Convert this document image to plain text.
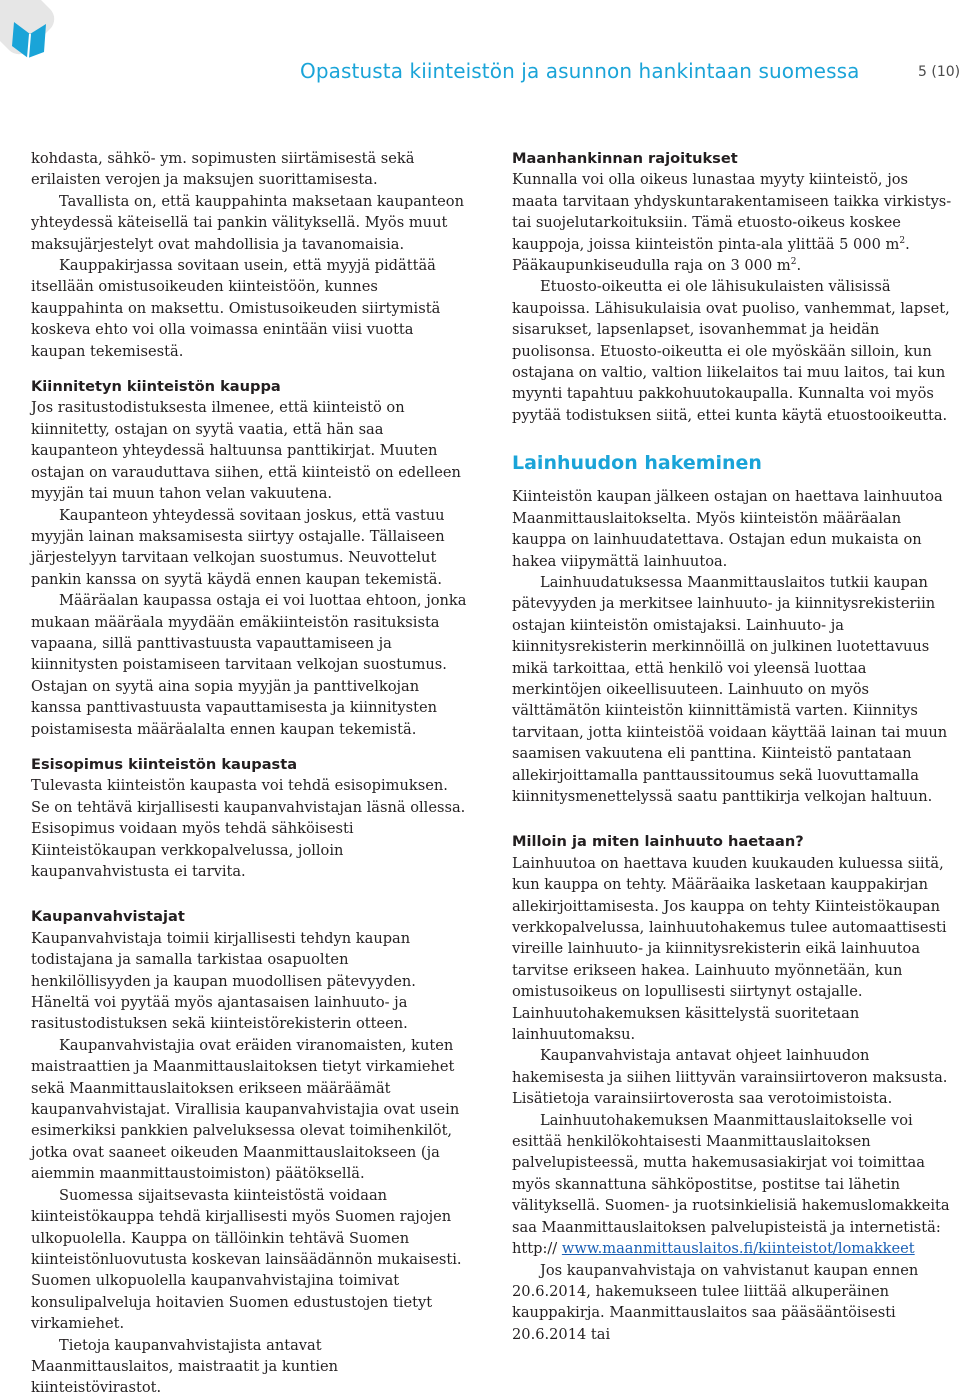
Opastusta kiinteistön ja asunnon hankintaan suomessa	5 (10)

kohdasta, sähkö- ym. sopimusten siirtämisestä sekä erilaisten verojen ja maksujen suorittamisesta.

Tavallista on, että kauppahinta maksetaan kaupanteon yhteydessä käteisellä tai pankin välityksellä. Myös muut maksujärjestelyt ovat mahdollisia ja tavanomaisia.

Kauppakirjassa sovitaan usein, että myyjä pidättää itsellään omistusoikeuden kiinteistöön, kunnes kauppahinta on maksettu. Omistusoikeuden siirtymistä koskeva ehto voi olla voimassa enintään viisi vuotta kaupan tekemisestä.

Kiinnitetyn kiinteistön kauppa

Jos rasitustodistuksesta ilmenee, että kiinteistö on kiinnitetty, ostajan on syytä vaatia, että hän saa kaupanteon yhteydessä haltuunsa panttikirjat. Muuten ostajan on varauduttava siihen, että kiinteistö on edelleen myyjän tai muun tahon velan vakuutena.

Kaupanteon yhteydessä sovitaan joskus, että vastuu myyjän lainan maksamisesta siirtyy ostajalle. Tällaiseen järjestelyyn tarvitaan velkojan suostumus. Neuvottelut pankin kanssa on syytä käydä ennen kaupan tekemistä.

Määräalan kaupassa ostaja ei voi luottaa ehtoon, jonka mukaan määräala myydään emäkiinteistön rasituksista vapaana, sillä panttivastuusta vapauttamiseen ja kiinnitysten poistamiseen tarvitaan velkojan suostumus. Ostajan on syytä aina sopia myyjän ja panttivelkojan kanssa panttivastuusta vapauttamisesta ja kiinnitysten poistamisesta määräalalta ennen kaupan tekemistä.

Esisopimus kiinteistön kaupasta

Tulevasta kiinteistön kaupasta voi tehdä esisopimuksen. Se on tehtävä kirjallisesti kaupanvahvistajan läsnä ollessa. Esisopimus voidaan myös tehdä sähköisesti Kiinteistökaupan verkkopalvelussa, jolloin kaupanvahvistusta ei tarvita.

Kaupanvahvistajat

Kaupanvahvistaja toimii kirjallisesti tehdyn kaupan todistajana ja samalla tarkistaa osapuolten henkilöllisyyden ja kaupan muodollisen pätevyyden. Häneltä voi pyytää myös ajantasaisen lainhuuto- ja rasitustodistuksen sekä kiinteistörekisterin otteen.

Kaupanvahvistajia ovat eräiden viranomaisten, kuten maistraattien ja Maanmittauslaitoksen tietyt virkamiehet sekä Maanmittauslaitoksen erikseen määräämät kaupanvahvistajat. Virallisia kaupanvahvistajia ovat usein esimerkiksi pankkien palveluksessa olevat toimihenkilöt, jotka ovat saaneet oikeuden Maanmittauslaitokseen (ja aiemmin maanmittaustoimiston) päätöksellä.

Suomessa sijaitsevasta kiinteistöstä voidaan kiinteistökauppa tehdä kirjallisesti myös Suomen rajojen ulkopuolella. Kauppa on tällöinkin tehtävä Suomen kiinteistönluovutusta koskevan lainsäädännön mukaisesti. Suomen ulkopuolella kaupanvahvistajina toimivat konsulipalveluja hoitavien Suomen edustustojen tietyt virkamiehet.

Tietoja kaupanvahvistajista antavat Maanmittauslaitos, maistraatit ja kuntien kiinteistövirastot.

Maanhankinnan rajoitukset

Kunnalla voi olla oikeus lunastaa myyty kiinteistö, jos maata tarvitaan yhdyskuntarakentamiseen taikka virkistys- tai suojelutarkoituksiin. Tämä etuosto-oikeus koskee kauppoja, joissa kiinteistön pinta-ala ylittää 5 000 $m^2$. Pääkaupunkiseudulla raja on 3 000 $m^2$.

Etuosto-oikeutta ei ole lähisukulaisten välisissä kaupoissa. Lähisukulaisia ovat puoliso, vanhemmat, lapset, sisarukset, lapsenlapset, isovanhemmat ja heidän puolisonsa. Etuosto-oikeutta ei ole myöskään silloin, kun ostajana on valtio, valtion liikelaitos tai muu laitos, tai kun myynti tapahtuu pakkohuutokaupalla. Kunnalta voi myös pyytää todistuksen siitä, ettei kunta käytä etuostooikeutta.

Lainhuudon hakeminen

Kiinteistön kaupan jälkeen ostajan on haettava lainhuutoa Maanmittauslaitokselta. Myös kiinteistön määräalan kauppa on lainhuudatettava. Ostajan edun mukaista on hakea viipymättä lainhuutoa.

Lainhuudatuksessa Maanmittauslaitos tutkii kaupan pätevyyden ja merkitsee lainhuuto- ja kiinnitysrekisteriin ostajan kiinteistön omistajaksi. Lainhuuto- ja kiinnitysrekisterin merkinnöillä on julkinen luotettavuus mikä tarkoittaa, että henkilö voi yleensä luottaa merkintöjen oikeellisuuteen. Lainhuuto on myös välttämätön kiinteistön kiinnittämistä varten. Kiinnitys tarvitaan, jotta kiinteistöä voidaan käyttää lainan tai muun saamisen vakuutena eli panttina. Kiinteistö pantataan allekirjoittamalla panttaussitoumus sekä luovuttamalla kiinnitysmenettelyssä saatu panttikirja velkojan haltuun.

Milloin ja miten lainhuuto haetaan?

Lainhuutoa on haettava kuuden kuukauden kuluessa siitä, kun kauppa on tehty. Määräaika lasketaan kauppakirjan allekirjoittamisesta. Jos kauppa on tehty Kiinteistökaupan verkkopalvelussa, lainhuutohakemus tulee automaattisesti vireille lainhuuto- ja kiinnitysrekisterin eikä lainhuutoa tarvitse erikseen hakea. Lainhuuto myönnetään, kun omistusoikeus on lopullisesti siirtynyt ostajalle. Lainhuutohakemuksen käsittelystä suoritetaan lainhuutomaksu.

Kaupanvahvistaja antavat ohjeet lainhuudon hakemisesta ja siihen liittyvän varainsiirtoveron maksusta. Lisätietoja varainsiirtoverosta saa verotoimistoista.

Lainhuutohakemuksen Maanmittauslaitokselle voi esittää henkilökohtaisesti Maanmittauslaitoksen palvelupisteessä, mutta hakemusasiakirjat voi toimittaa myös skannattuna sähköpostitse, postitse tai lähetin välityksellä. Suomen- ja ruotsinkielisiä hakemuslomakkeita saa Maanmittauslaitoksen palvelupisteistä ja internetistä: http:// www.maanmittauslaitos.fi/kiinteistot/lomakkeet

Jos kaupanvahvistaja on vahvistanut kaupan ennen 20.6.2014, hakemukseen tulee liittää alkuperäinen kauppakirja. Maanmittauslaitos saa pääsääntöisesti 20.6.2014 tai
